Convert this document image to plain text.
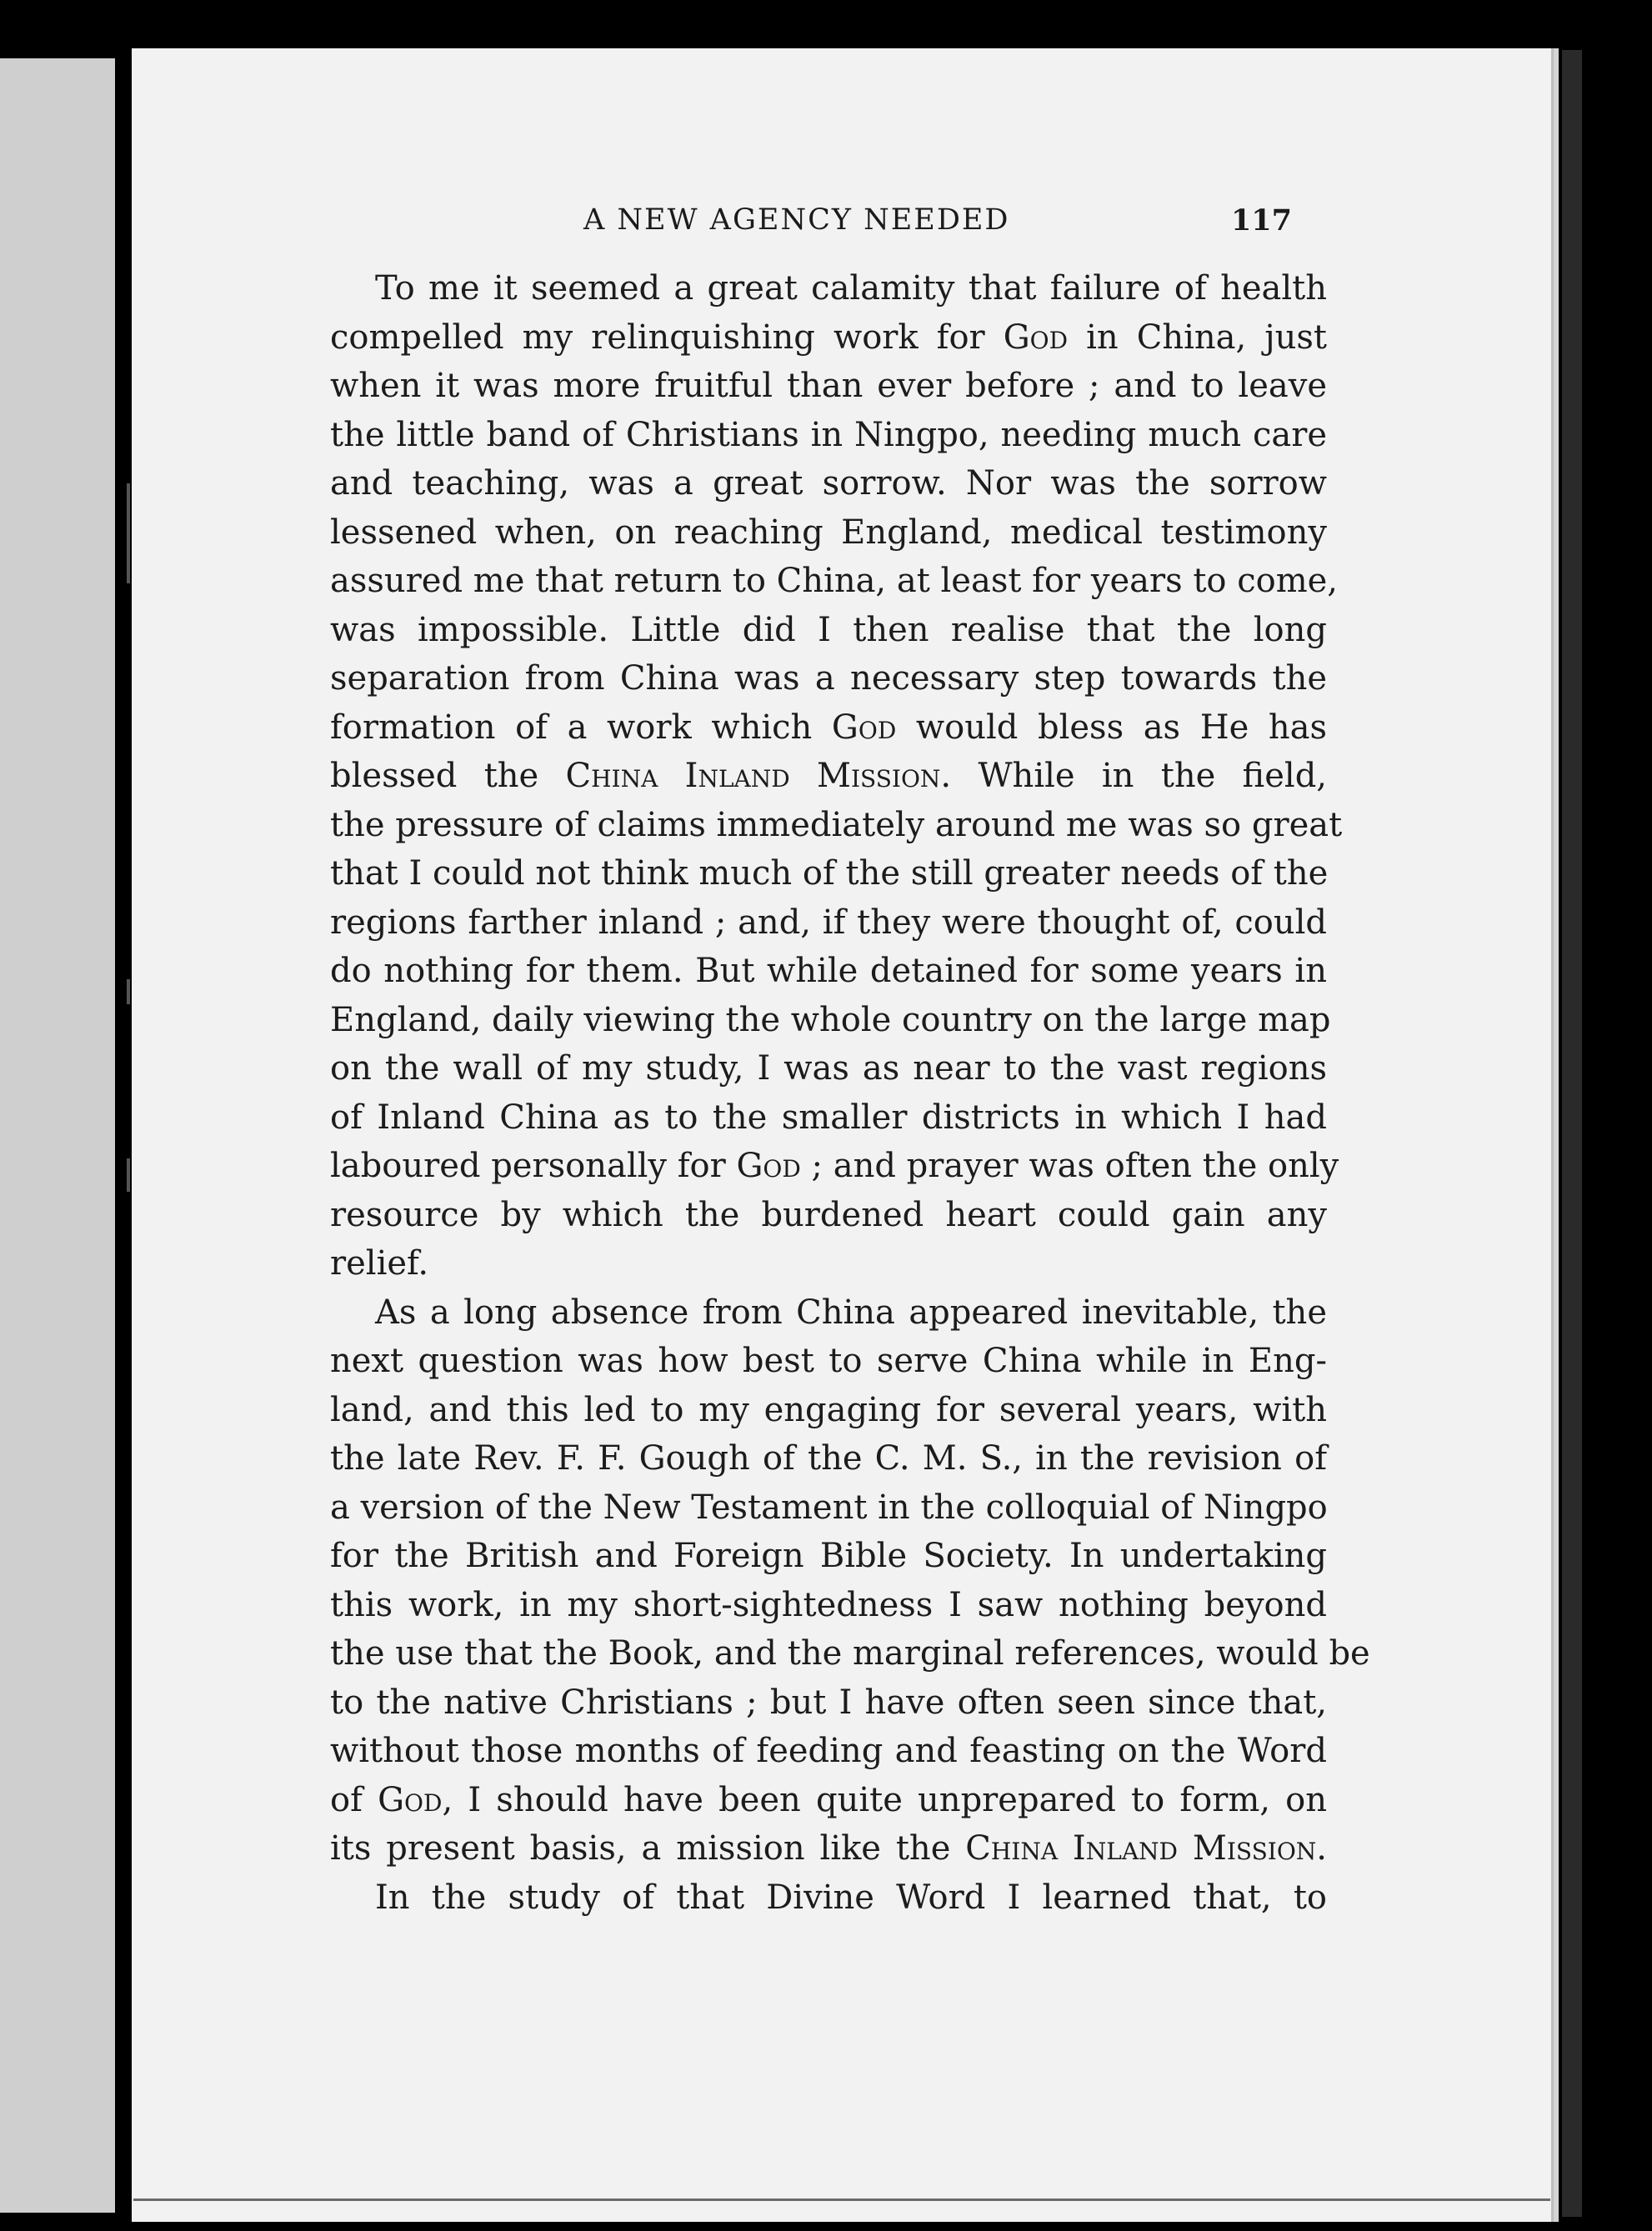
A NEW AGENCY NEEDED	117
To me it seemed a great calamity that failure of health
compelled my relinquishing work for God in China, just
when it was more fruitful than ever before ; and to leave
the little band of Christians in Ningpo, needing much care
and teaching, was a great sorrow. Nor was the sorrow
lessened when, on reaching England, medical testimony
assured me that return to China, at least for years to come,
was impossible. Little did I then realise that the long
separation from China was a necessary step towards the
formation of a work which God would bless as He has
blessed the China Inland Mission. While in the field,
the pressure of claims immediately around me was so great
that I could not think much of the still greater needs of the
regions farther inland ; and, if they were thought of, could
do nothing for them. But while detained for some years in
England, daily viewing the whole country on the large map
on the wall of my study, I was as near to the vast regions
of Inland China as to the smaller districts in which I had
laboured personally for God ; and prayer was often the only
resource by which the burdened heart could gain any
relief.
As a long absence from China appeared inevitable, the
next question was how best to serve China while in Eng-
land, and this led to my engaging for several years, with
the late Rev. F. F. Gough of the C. M. S., in the revision of
a version of the New Testament in the colloquial of Ningpo
for the British and Foreign Bible Society. In undertaking
this work, in my short-sightedness I saw nothing beyond
the use that the Book, and the marginal references, would be
to the native Christians ; but I have often seen since that,
without those months of feeding and feasting on the Word
of God, I should have been quite unprepared to form, on
its present basis, a mission like the China Inland Mission.
In the study of that Divine Word I learned that, to
